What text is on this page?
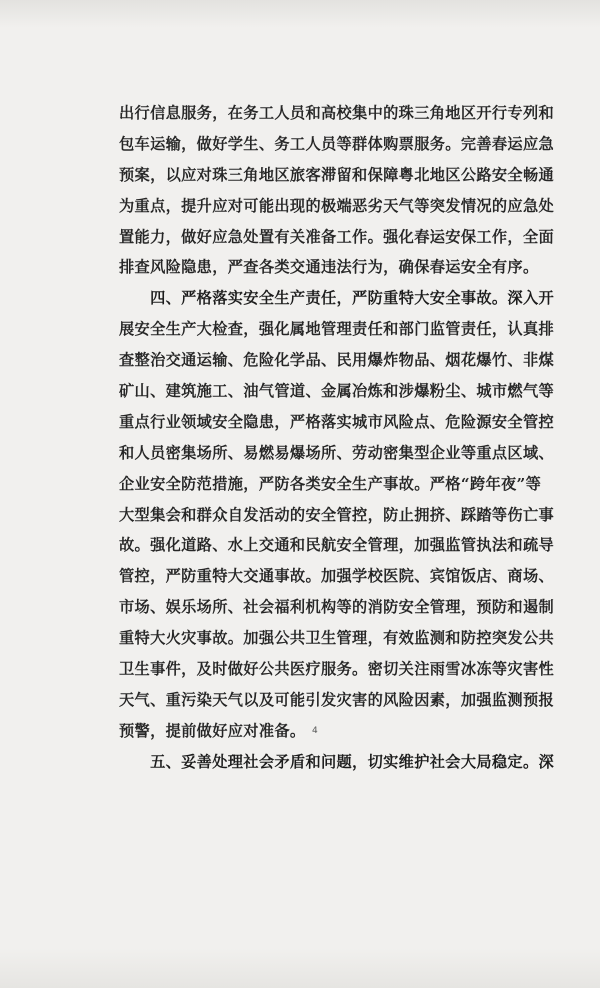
出行信息服务，在务工人员和高校集中的珠三角地区开行专列和
包车运输，做好学生、务工人员等群体购票服务。完善春运应急
预案，以应对珠三角地区旅客滞留和保障粤北地区公路安全畅通
为重点，提升应对可能出现的极端恶劣天气等突发情况的应急处
置能力，做好应急处置有关准备工作。强化春运安保工作，全面
排查风险隐患，严查各类交通违法行为，确保春运安全有序。
　　四、严格落实安全生产责任，严防重特大安全事故。深入开
展安全生产大检查，强化属地管理责任和部门监管责任，认真排
查整治交通运输、危险化学品、民用爆炸物品、烟花爆竹、非煤
矿山、建筑施工、油气管道、金属冶炼和涉爆粉尘、城市燃气等
重点行业领域安全隐患，严格落实城市风险点、危险源安全管控
和人员密集场所、易燃易爆场所、劳动密集型企业等重点区域、
企业安全防范措施，严防各类安全生产事故。严格“跨年夜”等
大型集会和群众自发活动的安全管控，防止拥挤、踩踏等伤亡事
故。强化道路、水上交通和民航安全管理，加强监管执法和疏导
管控，严防重特大交通事故。加强学校医院、宾馆饭店、商场、
市场、娱乐场所、社会福利机构等的消防安全管理，预防和遏制
重特大火灾事故。加强公共卫生管理，有效监测和防控突发公共
卫生事件，及时做好公共医疗服务。密切关注雨雪冰冻等灾害性
天气、重污染天气以及可能引发灾害的风险因素，加强监测预报
预警，提前做好应对准备。
　　五、妥善处理社会矛盾和问题，切实维护社会大局稳定。深
4
